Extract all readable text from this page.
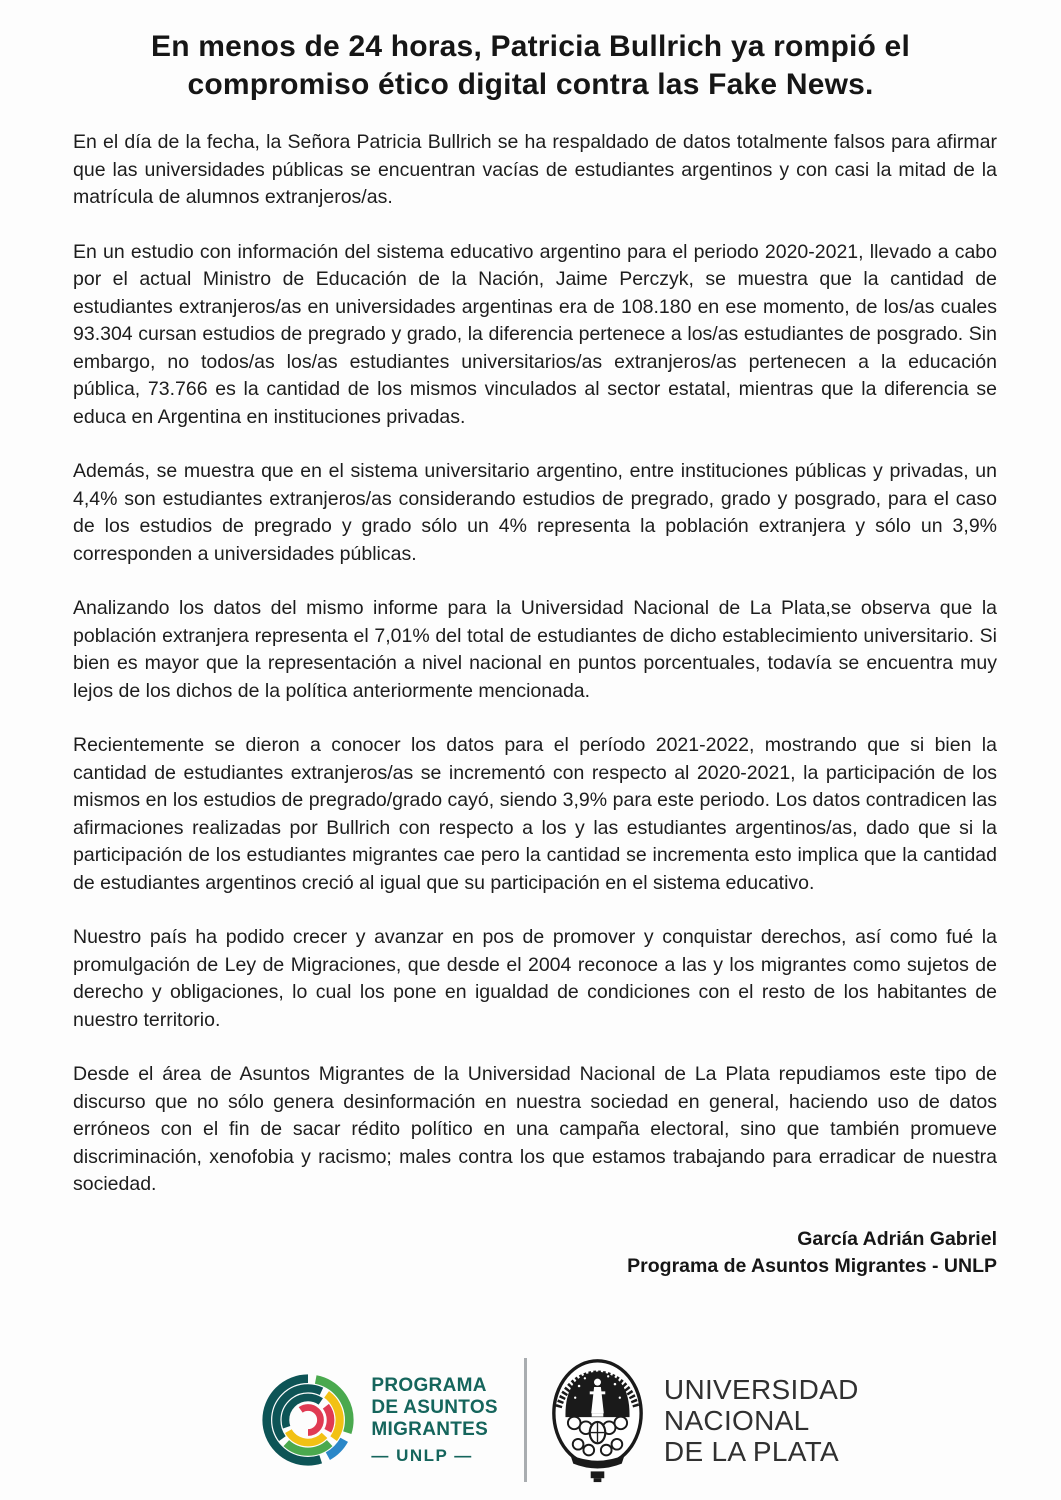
En menos de 24 horas, Patricia Bullrich ya rompió el
compromiso ético digital contra las Fake News.

En el día de la fecha, la Señora Patricia Bullrich se ha respaldado de datos totalmente falsos para afirmar que las universidades públicas se encuentran vacías de estudiantes argentinos y con casi la mitad de la matrícula de alumnos extranjeros/as.

En un estudio con información del sistema educativo argentino para el periodo 2020-2021, llevado a cabo por el actual Ministro de Educación de la Nación, Jaime Perczyk, se muestra que la cantidad de estudiantes extranjeros/as en universidades argentinas era de 108.180 en ese momento, de los/as cuales 93.304 cursan estudios de pregrado y grado, la diferencia pertenece a los/as estudiantes de posgrado. Sin embargo, no todos/as los/as estudiantes universitarios/as extranjeros/as pertenecen a la educación pública, 73.766 es la cantidad de los mismos vinculados al sector estatal, mientras que la diferencia se educa en Argentina en instituciones privadas.

Además, se muestra que en el sistema universitario argentino, entre instituciones públicas y privadas, un 4,4% son estudiantes extranjeros/as considerando estudios de pregrado, grado y posgrado, para el caso de los estudios de pregrado y grado sólo un 4% representa la población extranjera y sólo un 3,9% corresponden a universidades públicas.

Analizando los datos del mismo informe para la Universidad Nacional de La Plata,se observa que la población extranjera representa el 7,01% del total de estudiantes de dicho establecimiento universitario. Si bien es mayor que la representación a nivel nacional en puntos porcentuales, todavía se encuentra muy lejos de los dichos de la política anteriormente mencionada.

Recientemente se dieron a conocer los datos para el período 2021-2022, mostrando que si bien la cantidad de estudiantes extranjeros/as se incrementó con respecto al 2020-2021, la participación de los mismos en los estudios de pregrado/grado cayó, siendo 3,9% para este periodo. Los datos contradicen las afirmaciones realizadas por Bullrich con respecto a los y las estudiantes argentinos/as, dado que si la participación de los estudiantes migrantes cae pero la cantidad se incrementa esto implica que la cantidad de estudiantes argentinos creció al igual que su participación en el sistema educativo.

Nuestro país ha podido crecer y avanzar en pos de promover y conquistar derechos, así como fué la promulgación de Ley de Migraciones, que desde el 2004 reconoce a las y los migrantes como sujetos de derecho y obligaciones, lo cual los pone en igualdad de condiciones con el resto de los habitantes de nuestro territorio.

Desde el área de Asuntos Migrantes de la Universidad Nacional de La Plata repudiamos este tipo de discurso que no sólo genera desinformación en nuestra sociedad en general, haciendo uso de datos erróneos con el fin de sacar rédito político en una campaña electoral, sino que también promueve discriminación, xenofobia y racismo; males contra los que estamos trabajando para erradicar de nuestra sociedad.

García Adrián Gabriel
Programa de Asuntos Migrantes - UNLP
PROGRAMA
DE ASUNTOS
MIGRANTES
— UNLP —
UNIVERSIDAD
NACIONAL
DE LA PLATA
